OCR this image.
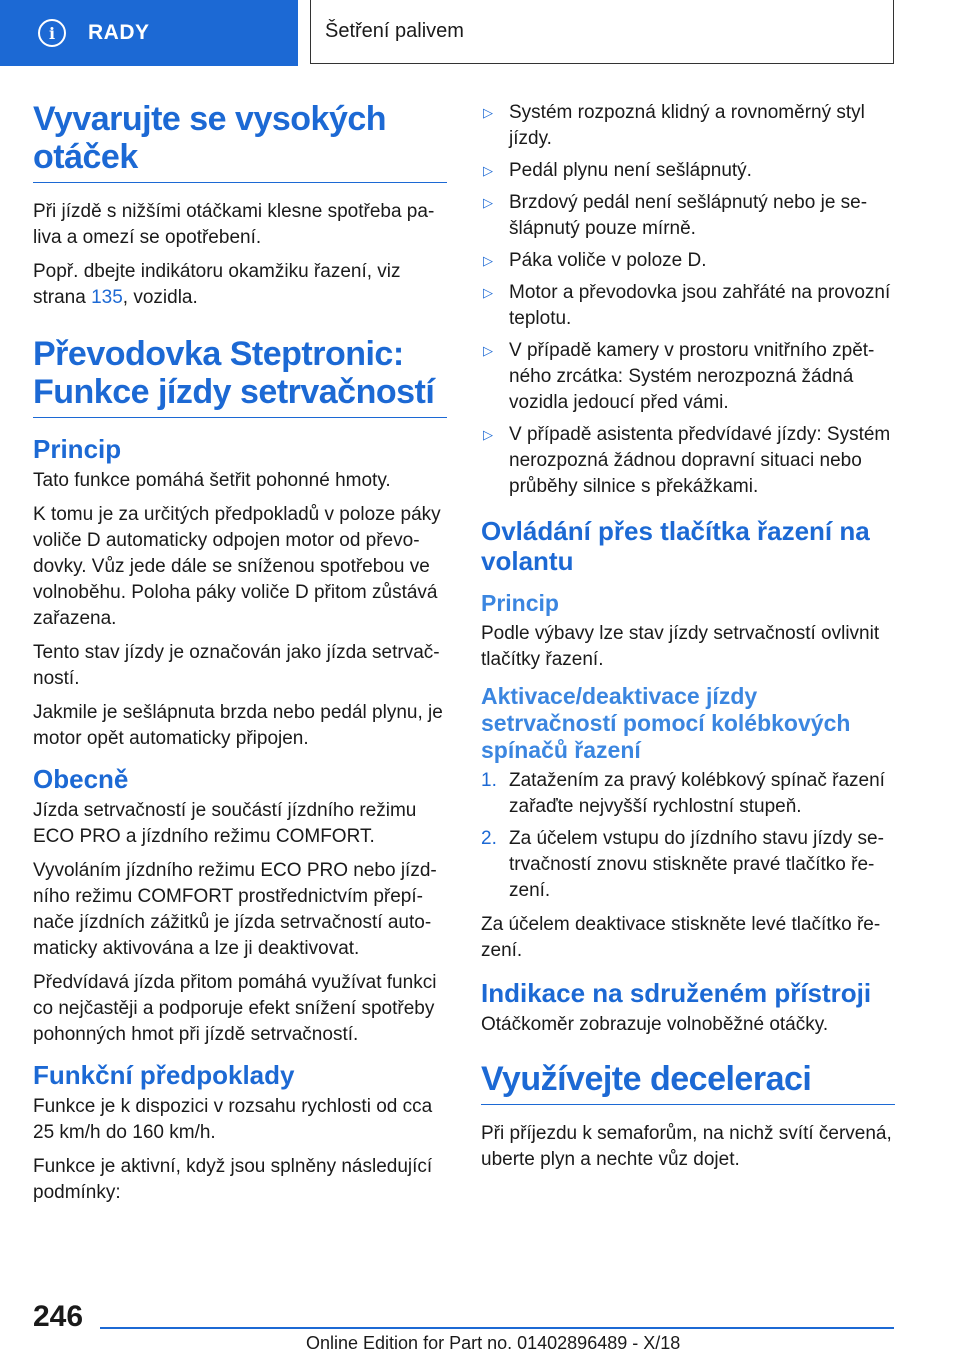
i	RADY	Šetření palivem
Vyvarujte se vysokých otáček

Při jízdě s nižšími otáčkami klesne spotřeba pa-liva a omezí se opotřebení.

Popř. dbejte indikátoru okamžiku řazení, viz strana 135, vozidla.

Převodovka Steptronic: Funkce jízdy setrvačností
Princip

Tato funkce pomáhá šetřit pohonné hmoty.

K tomu je za určitých předpokladů v poloze páky voliče D automaticky odpojen motor od převo-dovky. Vůz jede dále se sníženou spotřebou ve volnoběhu. Poloha páky voliče D přitom zůstává zařazena.

Tento stav jízdy je označován jako jízda setrvač-ností.

Jakmile je sešlápnuta brzda nebo pedál plynu, je motor opět automaticky připojen.

Obecně

Jízda setrvačností je součástí jízdního režimu ECO PRO a jízdního režimu COMFORT.

Vyvoláním jízdního režimu ECO PRO nebo jízd-ního režimu COMFORT prostřednictvím přepí-nače jízdních zážitků je jízda setrvačností auto-maticky aktivována a lze ji deaktivovat.

Předvídavá jízda přitom pomáhá využívat funkci co nejčastěji a podporuje efekt snížení spotřeby pohonných hmot při jízdě setrvačností.

Funkční předpoklady

Funkce je k dispozici v rozsahu rychlosti od cca 25 km/h do 160 km/h.

Funkce je aktivní, když jsou splněny následující podmínky:

▷ Systém rozpozná klidný a rovnoměrný styl jízdy.
▷ Pedál plynu není sešlápnutý.
▷ Brzdový pedál není sešlápnutý nebo je se-šlápnutý pouze mírně.
▷ Páka voliče v poloze D.
▷ Motor a převodovka jsou zahřáté na provozní teplotu.
▷ V případě kamery v prostoru vnitřního zpět-ného zrcátka: Systém nerozpozná žádná vozidla jedoucí před vámi.
▷ V případě asistenta předvídavé jízdy: Systém nerozpozná žádnou dopravní situaci nebo průběhy silnice s překážkami.
Ovládání přes tlačítka řazení na volantu
Princip

Podle výbavy lze stav jízdy setrvačností ovlivnit tlačítky řazení.

Aktivace/deaktivace jízdy setrvačností pomocí kolébkových spínačů řazení
1. Zatažením za pravý kolébkový spínač řazení zařaďte nejvyšší rychlostní stupeň.
2. Za účelem vstupu do jízdního stavu jízdy se-trvačností znovu stiskněte pravé tlačítko ře-zení.

Za účelem deaktivace stiskněte levé tlačítko ře-zení.

Indikace na sdruženém přístroji

Otáčkoměr zobrazuje volnoběžné otáčky.

Využívejte deceleraci

Při příjezdu k semaforům, na nichž svítí červená, uberte plyn a nechte vůz dojet.

246
Online Edition for Part no. 01402896489 - X/18
